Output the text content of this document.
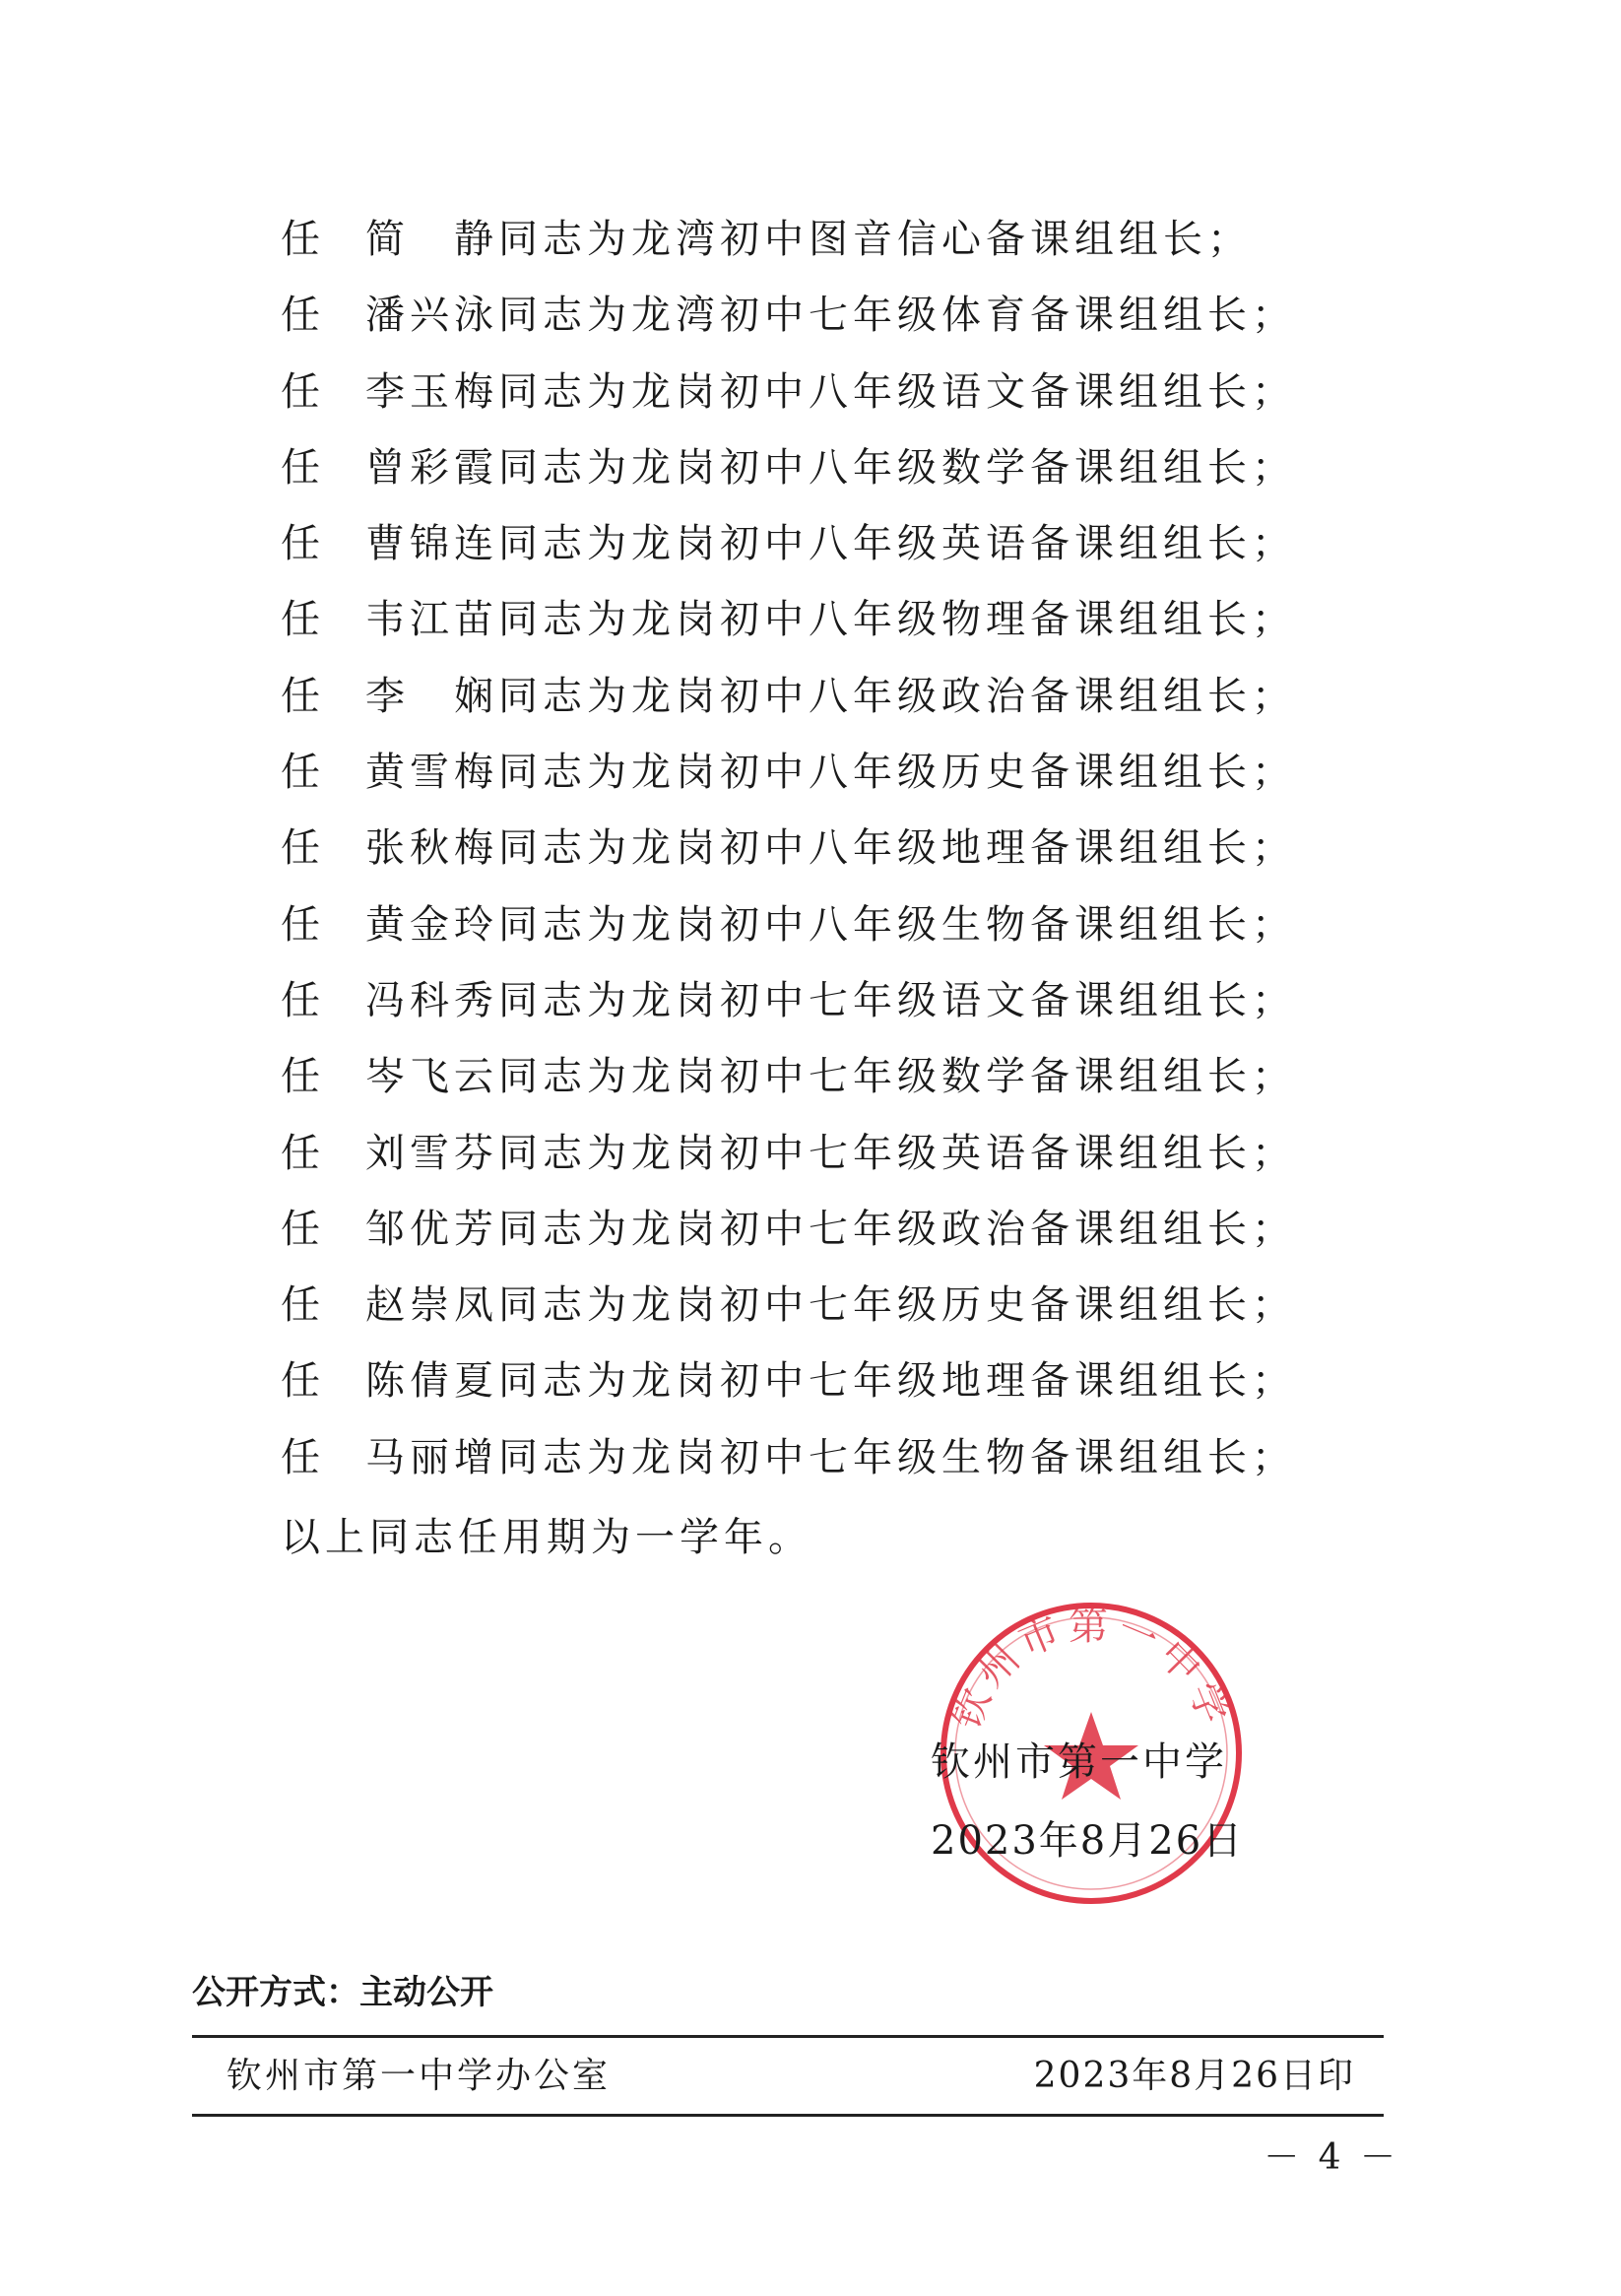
任 简　静同志为龙湾初中图音信心备课组组长；
任 潘兴泳同志为龙湾初中七年级体育备课组组长；
任 李玉梅同志为龙岗初中八年级语文备课组组长；
任 曾彩霞同志为龙岗初中八年级数学备课组组长；
任 曹锦连同志为龙岗初中八年级英语备课组组长；
任 韦江苗同志为龙岗初中八年级物理备课组组长；
任 李　娴同志为龙岗初中八年级政治备课组组长；
任 黄雪梅同志为龙岗初中八年级历史备课组组长；
任 张秋梅同志为龙岗初中八年级地理备课组组长；
任 黄金玲同志为龙岗初中八年级生物备课组组长；
任 冯科秀同志为龙岗初中七年级语文备课组组长；
任 岑飞云同志为龙岗初中七年级数学备课组组长；
任 刘雪芬同志为龙岗初中七年级英语备课组组长；
任 邹优芳同志为龙岗初中七年级政治备课组组长；
任 赵崇凤同志为龙岗初中七年级历史备课组组长；
任 陈倩夏同志为龙岗初中七年级地理备课组组长；
任 马丽增同志为龙岗初中七年级生物备课组组长；
以上同志任用期为一学年。
钦州市第一中学
钦州市第一中学
2023年8月26日
公开方式：主动公开
钦州市第一中学办公室	2023年8月26日印
－ 4 －
